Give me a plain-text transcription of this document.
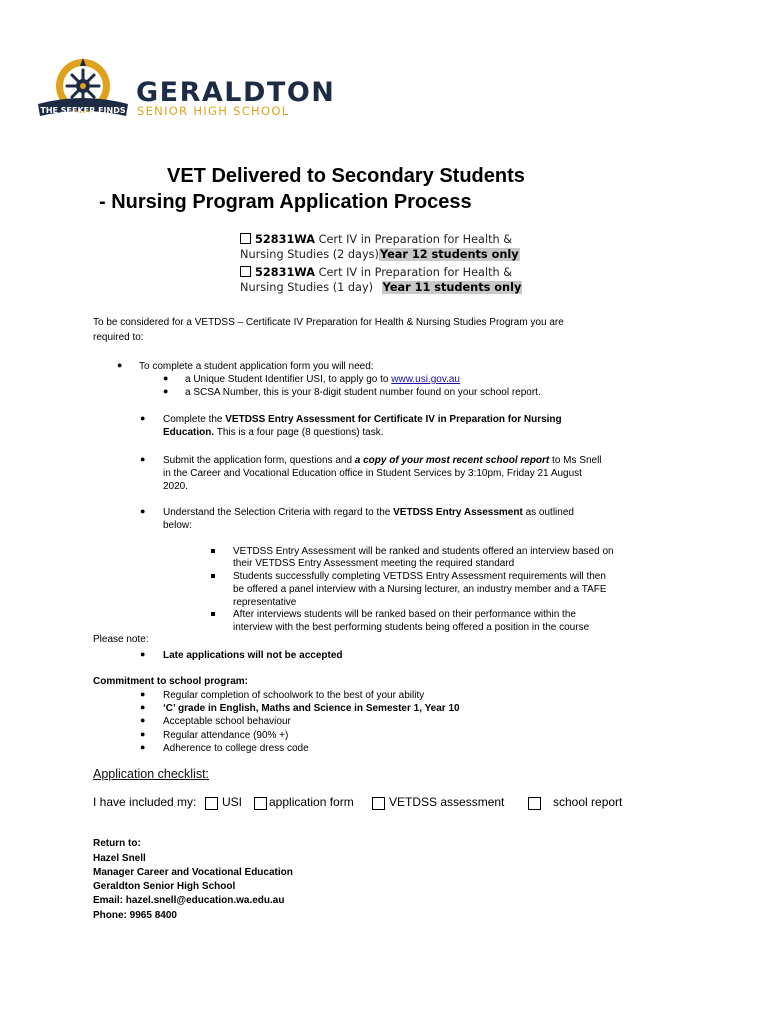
THE SEEKER FINDS
GERALDTON
SENIOR HIGH SCHOOL
VET Delivered to Secondary Students
- Nursing Program Application Process
52831WA Cert IV in Preparation for Health &
Nursing Studies (2 days)Year 12 students only
52831WA Cert IV in Preparation for Health &
Nursing Studies (1 day) Year 11 students only
To be considered for a VETDSS – Certificate IV Preparation for Health & Nursing Studies Program you are
required to:
● To complete a student application form you will need:
● a Unique Student Identifier USI, to apply go to www.usi.gov.au
● a SCSA Number, this is your 8-digit student number found on your school report.
● Complete the VETDSS Entry Assessment for Certificate IV in Preparation for Nursing
Education. This is a four page (8 questions) task.
● Submit the application form, questions and a copy of your most recent school report to Ms Snell
in the Career and Vocational Education office in Student Services by 3:10pm, Friday 21 August
2020.
● Understand the Selection Criteria with regard to the VETDSS Entry Assessment as outlined
below:
VETDSS Entry Assessment will be ranked and students offered an interview based on
their VETDSS Entry Assessment meeting the required standard
Students successfully completing VETDSS Entry Assessment requirements will then
be offered a panel interview with a Nursing lecturer, an industry member and a TAFE
representative
After interviews students will be ranked based on their performance within the
interview with the best performing students being offered a position in the course
Please note:
● Late applications will not be accepted
Commitment to school program:
● Regular completion of schoolwork to the best of your ability
● ‘C’ grade in English, Maths and Science in Semester 1, Year 10
● Acceptable school behaviour
● Regular attendance (90% +)
● Adherence to college dress code
Application checklist:
I have included my: USI application form	VETDSS assessment	school report
Return to:
Hazel Snell
Manager Career and Vocational Education
Geraldton Senior High School
Email: hazel.snell@education.wa.edu.au
Phone: 9965 8400
